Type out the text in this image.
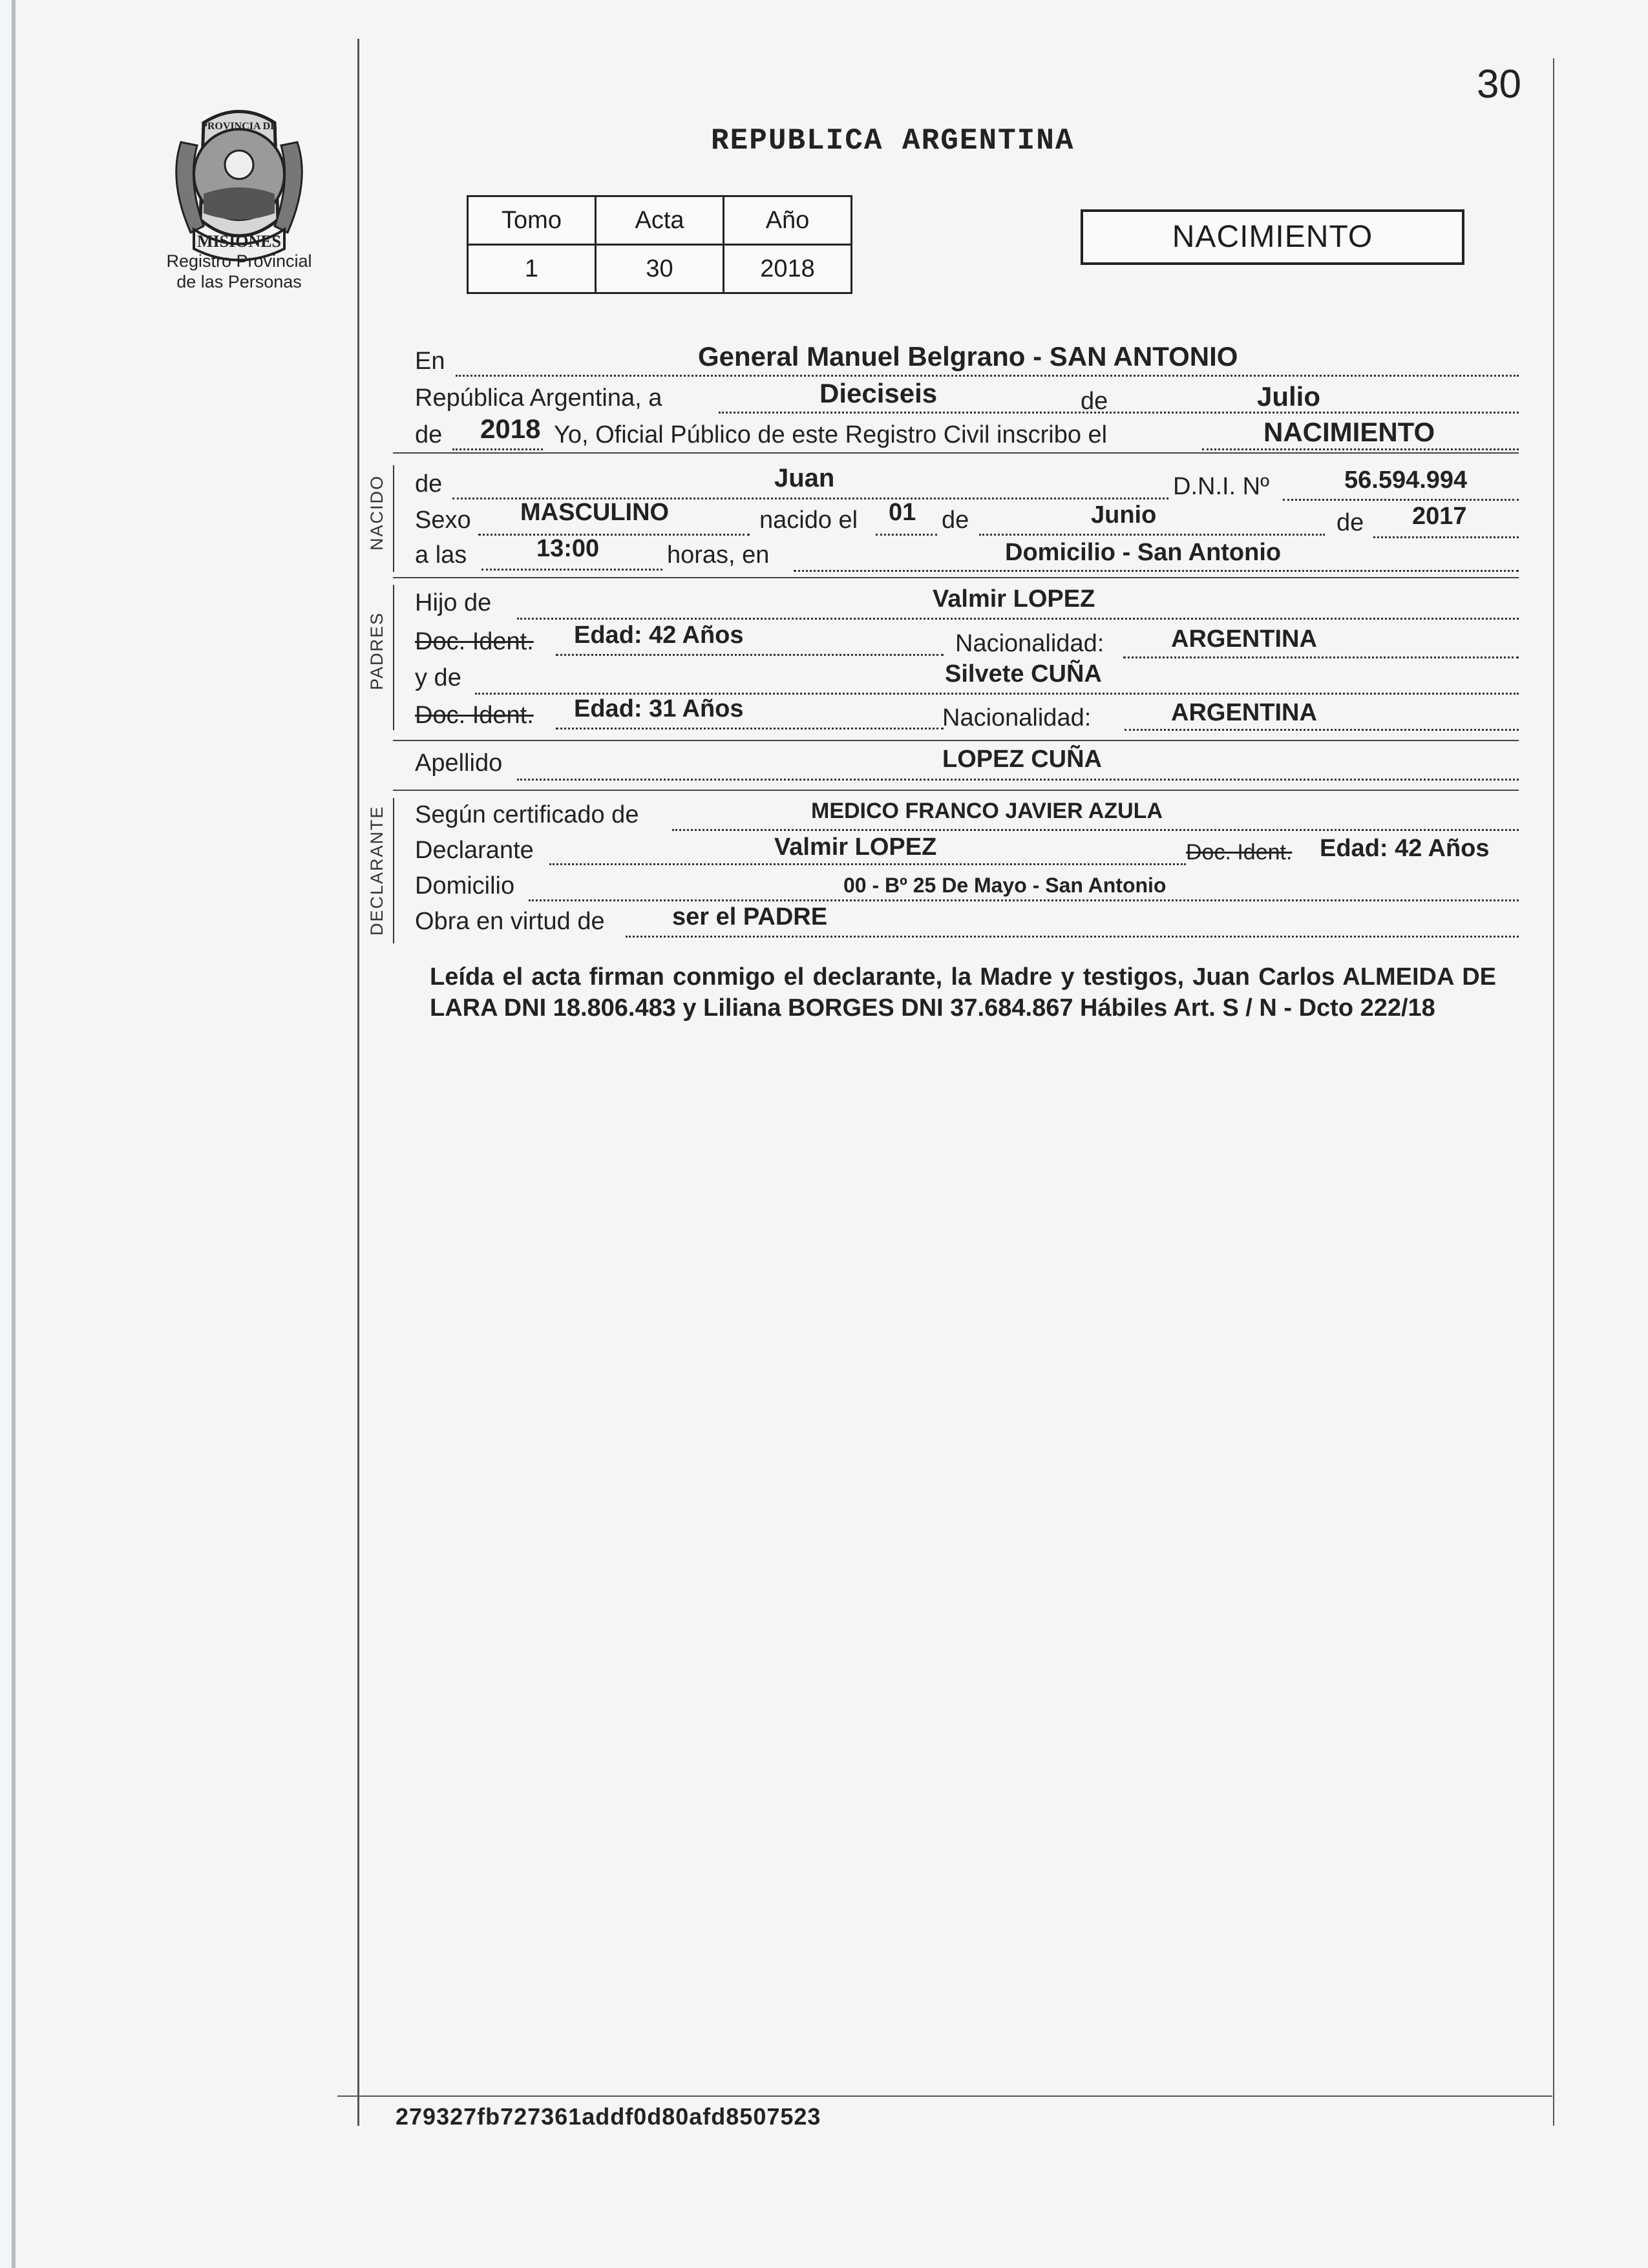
30
MISIONES
PROVINCIA DE
Registro Provincial
de las Personas
REPUBLICA ARGENTINA
Tomo	Acta	Año
1	30	2018
NACIMIENTO
En	General Manuel Belgrano - SAN ANTONIO
República Argentina, a	Dieciseis	de	Julio
de 2018 Yo, Oficial Público de este Registro Civil inscribo el	NACIMIENTO
NACIDO de	Juan	D.N.I. Nº	56.594.994
Sexo MASCULINO	nacido el 01 de	Junio	de 2017
a las	13:00	horas, en	Domicilio - San Antonio
PADRES
Hijo de	Valmir LOPEZ
Doc. Ident. Edad: 42 Años	Nacionalidad:	ARGENTINA
y de	Silvete CUÑA
Doc. Ident. Edad: 31 Años	Nacionalidad:	ARGENTINA
Apellido	LOPEZ CUÑA
DECLARANTE Según certificado de	MEDICO FRANCO JAVIER AZULA
Declarante	Valmir LOPEZ	Doc. Ident. Edad: 42 Años
Domicilio	00 - Bº 25 De Mayo - San Antonio
Obra en virtud de	ser el PADRE
Leída el acta firman conmigo el declarante, la Madre y testigos, Juan Carlos ALMEIDA DE LARA DNI 18.806.483 y Liliana BORGES DNI 37.684.867 Hábiles Art. S / N - Dcto 222/18
279327fb727361addf0d80afd8507523
